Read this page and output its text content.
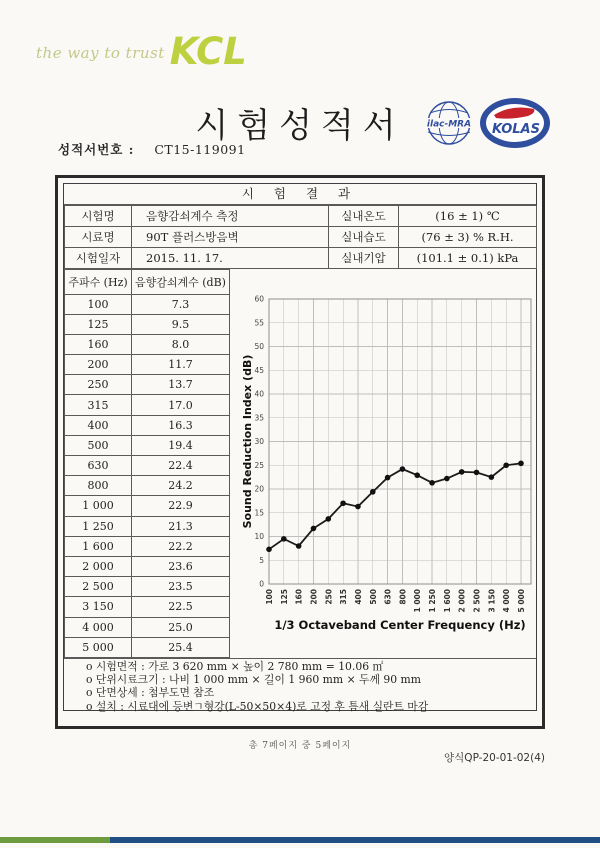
the way to trust KCL
시험성적서
성적서번호 : CT15-119091
ilac-MRA KOLAS
시 험 결 과
시험명	음향감쇠계수 측정	실내온도	(16 ± 1) ℃
시료명	90T 플러스방음벽	실내습도	(76 ± 3) % R.H.
시험일자	2015. 11. 17.	실내기압	(101.1 ± 0.1) kPa
주파수 (Hz)	음향감쇠계수 (dB)
100	7.3
125	9.5
160	8.0
200	11.7
250	13.7
315	17.0
400	16.3
500	19.4
630	22.4
800	24.2
1 000	22.9
1 250	21.3
1 600	22.2
2 000	23.6
2 500	23.5
3 150	22.5
4 000	25.0
5 000	25.4
0
5
10
15
20
25
30
35
40
45
50
55
60
100 125 160 200 250 315 400 500 630 800 1 000 1 250 1 600 2 000 2 500 3 150 4 000 5 000
1/3 Octaveband Center Frequency (Hz)
Sound Reduction Index (dB)
o 시험면적 : 가로 3 620 mm × 높이 2 780 mm = 10.06 ㎡
o 단위시료크기 : 나비 1 000 mm × 길이 1 960 mm × 두께 90 mm
o 단면상세 : 첨부도면 참조
o 설치 : 시료대에 등변ㄱ형강(L-50×50×4)로 고정 후 틈새 실란트 마감
총 7페이지 중 5페이지
양식QP-20-01-02(4)
